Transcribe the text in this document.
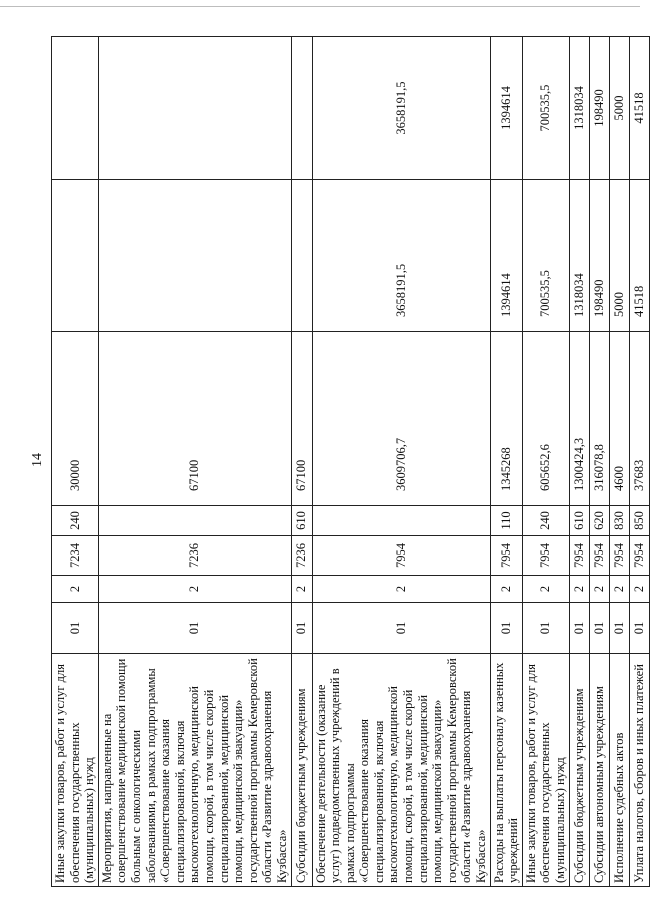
14
Иные закупки товаров, работ и услуг для обеспечения государственных (муниципальных) нужд	01	2	7234	240	30000		
Мероприятия, направленные на совершенствование медицинской помощи больным с онкологическими заболеваниями, в рамках подпрограммы «Совершенствование оказания специализированной, включая высокотехнологичную, медицинской помощи, скорой, в том числе скорой специализированной, медицинской помощи, медицинской эвакуации» государственной программы Кемеровской области «Развитие здравоохранения Кузбасса»	01	2	7236		67100		
Субсидии бюджетным учреждениям	01	2	7236	610	67100		
Обеспечение деятельности (оказание услуг) подведомственных учреждений в рамках подпрограммы «Совершенствование оказания специализированной, включая высокотехнологичную, медицинской помощи, скорой, в том числе скорой специализированной, медицинской помощи, медицинской эвакуации» государственной программы Кемеровской области «Развитие здравоохранения Кузбасса»	01	2	7954		3609706,7	3658191,5	3658191,5
Расходы на выплаты персоналу казенных учреждений	01	2	7954	110	1345268	1394614	1394614
Иные закупки товаров, работ и услуг для обеспечения государственных (муниципальных) нужд	01	2	7954	240	605652,6	700535,5	700535,5
Субсидии бюджетным учреждениям	01	2	7954	610	1300424,3	1318034	1318034
Субсидии автономным учреждениям	01	2	7954	620	316078,8	198490	198490
Исполнение судебных актов	01	2	7954	830	4600	5000	5000
Уплата налогов, сборов и иных платежей	01	2	7954	850	37683	41518	41518
